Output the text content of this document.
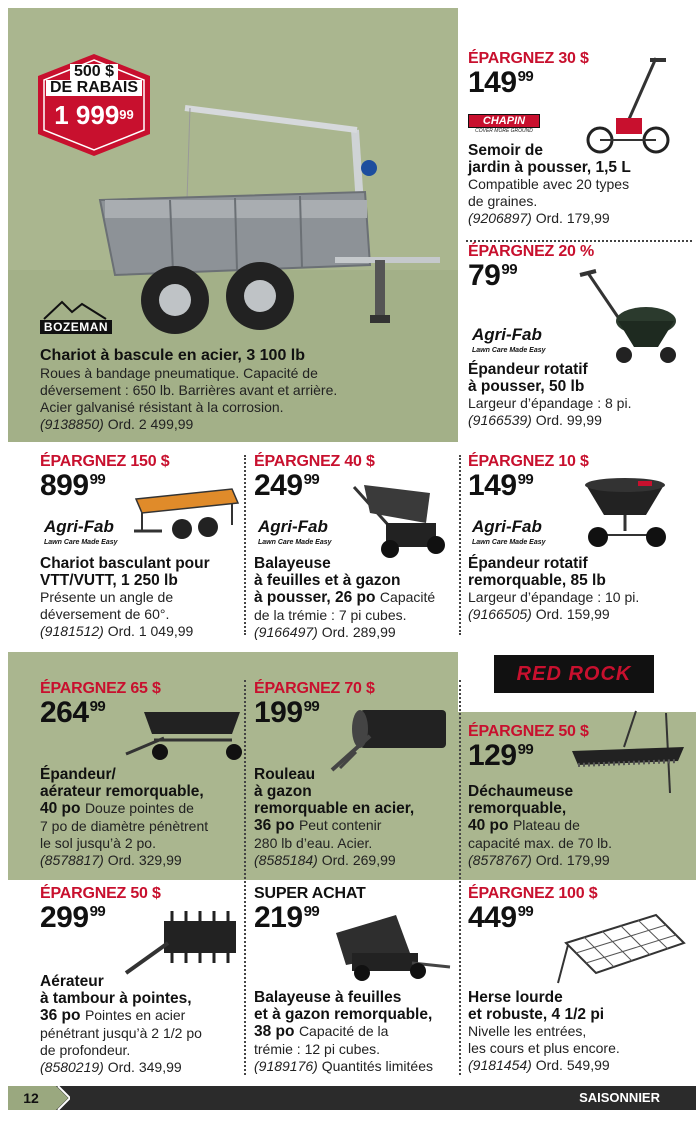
500 $ DE RABAIS
1 $999^{99}$
BOZEMAN
Chariot à bascule en acier, 3 100 lb
Roues à bandage pneumatique. Capacité de
déversement : 650 lb. Barrières avant et arrière.
Acier galvanisé résistant à la corrosion.
(9138850) Ord. 2 499,99
ÉPARGNEZ 30 $
$149^{99}$
CHAPIN
COVER MORE GROUND
Semoir de
jardin à pousser, 1,5 L
Compatible avec 20 types
de graines.
(9206897) Ord. 179,99
ÉPARGNEZ 20 %
$79^{99}$
Agri-Fab
Lawn Care Made Easy
Épandeur rotatif
à pousser, 50 lb
Largeur d’épandage : 8 pi.
(9166539) Ord. 99,99
ÉPARGNEZ 150 $
$899^{99}$
Agri-Fab
Lawn Care Made Easy
Chariot basculant pour
VTT/VUTT, 1 250 lb
Présente un angle de
déversement de 60°.
(9181512) Ord. 1 049,99
ÉPARGNEZ 40 $
$249^{99}$
Agri-Fab
Lawn Care Made Easy
Balayeuse
à feuilles et à gazon
à pousser, 26 po Capacité
de la trémie : 7 pi cubes.
(9166497) Ord. 289,99
ÉPARGNEZ 10 $
$149^{99}$
Agri-Fab
Lawn Care Made Easy
Épandeur rotatif
remorquable, 85 lb
Largeur d’épandage : 10 pi.
(9166505) Ord. 159,99
RED ROCK
ÉPARGNEZ 65 $
$264^{99}$
Épandeur/
aérateur remorquable,
40 po Douze pointes de
7 po de diamètre pénètrent
le sol jusqu’à 2 po.
(8578817) Ord. 329,99
ÉPARGNEZ 70 $
$199^{99}$
Rouleau
à gazon
remorquable en acier,
36 po Peut contenir
280 lb d’eau. Acier.
(8585184) Ord. 269,99
ÉPARGNEZ 50 $
$129^{99}$
Déchaumeuse
remorquable,
40 po Plateau de
capacité max. de 70 lb.
(8578767) Ord. 179,99
ÉPARGNEZ 50 $
$299^{99}$
Aérateur
à tambour à pointes,
36 po Pointes en acier
pénétrant jusqu’à 2 1/2 po
de profondeur.
(8580219) Ord. 349,99
SUPER ACHAT
$219^{99}$
Balayeuse à feuilles
et à gazon remorquable,
38 po Capacité de la
trémie : 12 pi cubes.
(9189176) Quantités limitées
ÉPARGNEZ 100 $
$449^{99}$
Herse lourde
et robuste, 4 1/2 pi
Nivelle les entrées,
les cours et plus encore.
(9181454) Ord. 549,99
12	SAISONNIER
